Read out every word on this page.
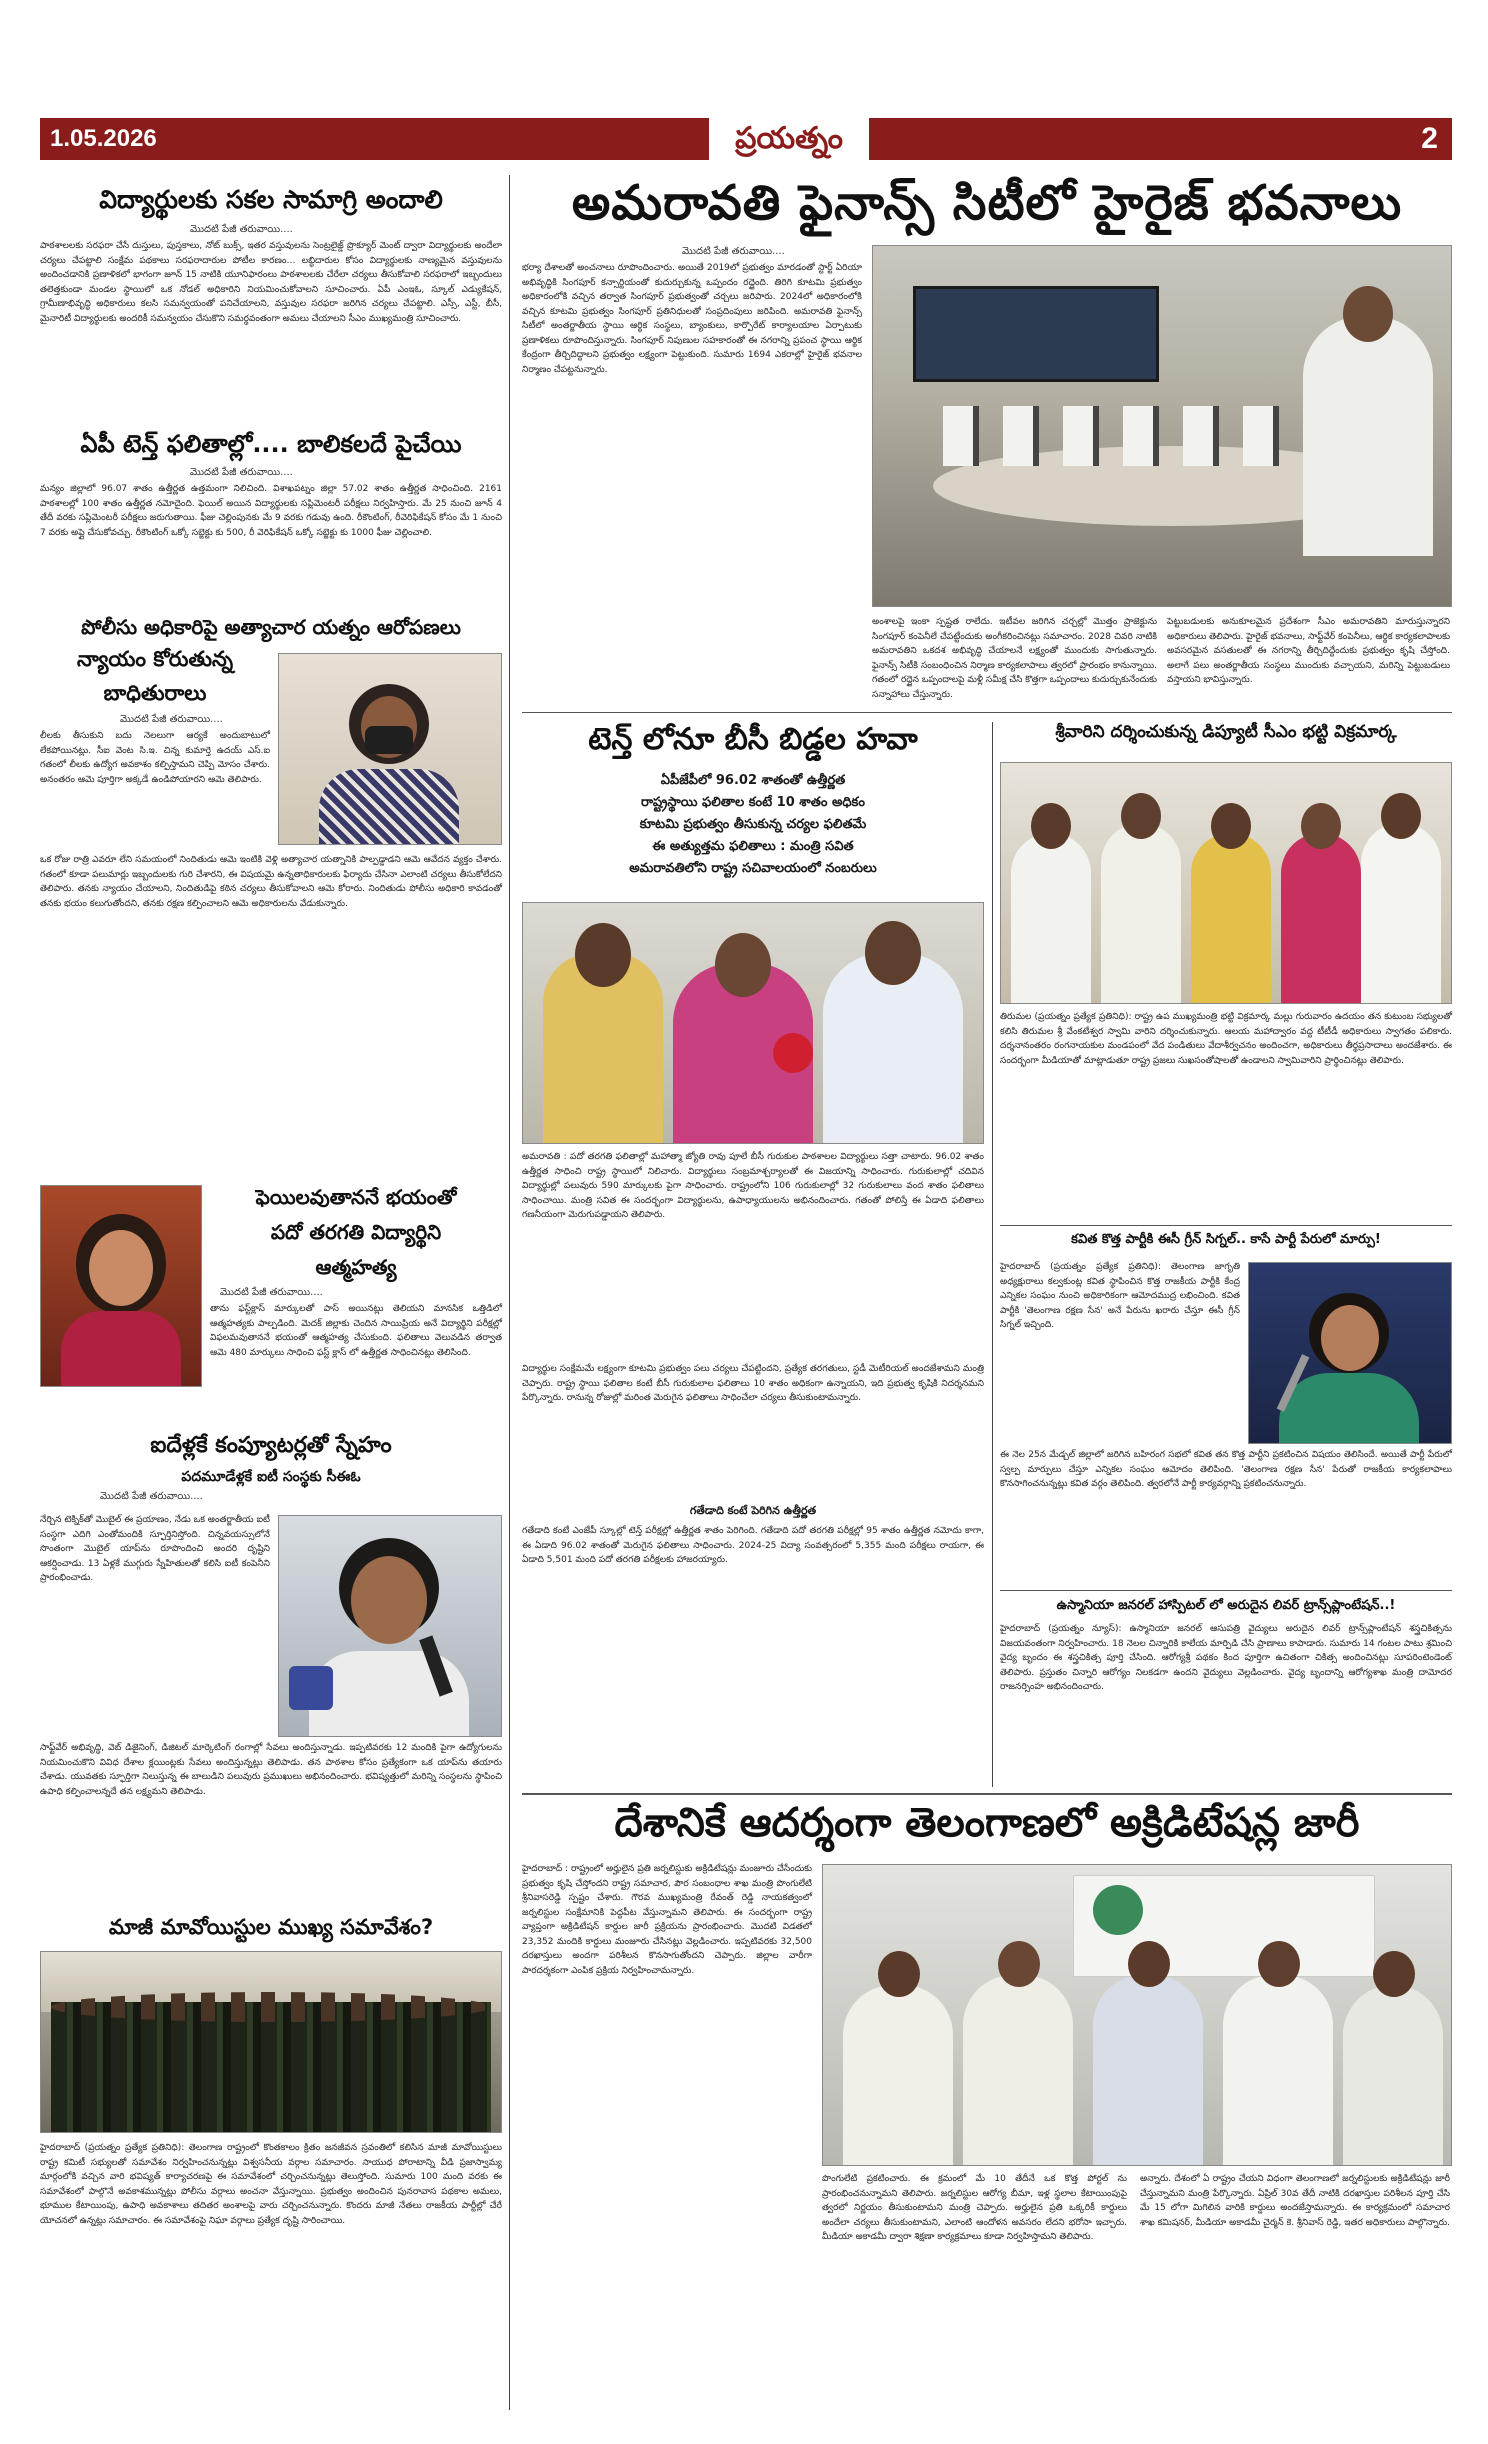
1.05.2026	ప్రయత్నం	2
విద్యార్థులకు సకల సామాగ్రి అందాలి
మొదటి పేజీ తరువాయి....

పాఠశాలలకు సరఫరా చేసే దుస్తులు, పుస్తకాలు, నోట్ బుక్స్, ఇతర వస్తువులను సెంట్రలైజ్డ్ ప్రొక్యూర్ మెంట్ ద్వారా విద్యార్థులకు అందేలా చర్యలు చేపట్టాలి సంక్షేమ పథకాలు సరఫరాదారుల పోటీల కారణం… లబ్ధిదారుల కోసం విద్యార్థులకు నాణ్యమైన వస్తువులను అందించడానికి ప్రణాళికలో భాగంగా జూన్ 15 నాటికి యూనిఫారంలు పాఠశాలలకు చేరేలా చర్యలు తీసుకోవాలి సరఫరాలో ఇబ్బందులు తలెత్తకుండా మండల స్థాయిలో ఒక నోడల్ అధికారిని నియమించుకోవాలని సూచించారు. ఏపీ ఎంఇఓ, స్కూల్ ఎడ్యుకేషన్, గ్రామీణాభివృద్ధి అధికారులు కలసి సమన్వయంతో పనిచేయాలని, వస్తువుల సరఫరా జరిగిన చర్యలు చేపట్టాలి. ఎస్సీ, ఎస్టీ, బీసీ, మైనారిటీ విద్యార్థులకు అందరికీ సమన్వయం చేసుకొని సమర్థవంతంగా అమలు చేయాలని సీఎం ముఖ్యమంత్రి సూచించారు.

ఏపీ టెన్త్ ఫలితాల్లో.... బాలికలదే పైచేయి
మొదటి పేజీ తరువాయి....

మన్యం జిల్లాలో 96.07 శాతం ఉత్తీర్ణత ఉత్తమంగా నిలిచింది. విశాఖపట్నం జిల్లా 57.02 శాతం ఉత్తీర్ణత సాధించింది. 2161 పాఠశాలల్లో 100 శాతం ఉత్తీర్ణత నమోదైంది. ఫెయిల్ అయిన విద్యార్థులకు సప్లిమెంటరీ పరీక్షలు నిర్వహిస్తారు. మే 25 నుంచి జూన్ 4 తేదీ వరకు సప్లిమెంటరీ పరీక్షలు జరుగుతాయి. ఫీజు చెల్లింపునకు మే 9 వరకు గడువు ఉంది. రీకౌంటింగ్, రీవెరిఫికేషన్ కోసం మే 1 నుంచి 7 వరకు అప్లై చేసుకోవచ్చు. రీకౌంటింగ్ ఒక్కో సబ్జెక్టు కు 500, రీ వెరిఫికేషన్ ఒక్కో సబ్జెక్టు కు 1000 ఫీజు చెల్లించాలి.

పోలీసు అధికారిపై అత్యాచార యత్నం ఆరోపణలు
న్యాయం కోరుతున్న
బాధితురాలు
మొదటి పేజీ తరువాయి....

లీలకు తీసుకుని బదు నెలలుగా ఆర్యకే అందుబాటులో లేకపోయినట్లు. సీఐ వెంట సి.ఇ. చిన్న కుమార్తె ఉదయ్ ఎస్.ఐ గతంలో లీలకు ఉద్యోగ అవకాశం కల్పిస్తామని చెప్పి మోసం చేశారు. అనంతరం ఆమె పూర్తిగా అక్కడే ఉండిపోయారని ఆమె తెలిపారు.

ఒక రోజు రాత్రి ఎవరూ లేని సమయంలో నిందితుడు ఆమె ఇంటికి వెళ్లి అత్యాచార యత్నానికి పాల్పడ్డాడని ఆమె ఆవేదన వ్యక్తం చేశారు. గతంలో కూడా పలుమార్లు ఇబ్బందులకు గురి చేశారని, ఈ విషయమై ఉన్నతాధికారులకు ఫిర్యాదు చేసినా ఎలాంటి చర్యలు తీసుకోలేదని తెలిపారు. తనకు న్యాయం చేయాలని, నిందితుడిపై కఠిన చర్యలు తీసుకోవాలని ఆమె కోరారు. నిందితుడు పోలీసు అధికారి కావడంతో తనకు భయం కలుగుతోందని, తనకు రక్షణ కల్పించాలని ఆమె అధికారులను వేడుకున్నారు.

ఫెయిలవుతాననే భయంతో
పదో తరగతి విద్యార్థిని
ఆత్మహత్య
మొదటి పేజీ తరువాయి....

తాను ఫస్ట్‌క్లాస్ మార్కులతో పాస్ అయినట్లు తెలియని మానసిక ఒత్తిడిలో ఆత్మహత్యకు పాల్పడింది. మెదక్ జిల్లాకు చెందిన సాయిప్రియ అనే విద్యార్థిని పరీక్షల్లో విఫలమవుతాననే భయంతో ఆత్మహత్య చేసుకుంది. ఫలితాలు వెలువడిన తర్వాత ఆమె 480 మార్కులు సాధించి ఫస్ట్ క్లాస్ లో ఉత్తీర్ణత సాధించినట్లు తెలిసింది.

ఐదేళ్లకే కంప్యూటర్లతో స్నేహం
పదమూడేళ్లకే ఐటీ సంస్థకు సీఈఓ
మొదటి పేజీ తరువాయి....

నేర్చిన టెక్నిక్‌తో మొబైల్ ఈ ప్రయాణం, నేడు ఒక అంతర్జాతీయ ఐటీ సంస్థగా ఎదిగి ఎంతోమందికి స్ఫూర్తినిస్తోంది. చిన్నవయస్సులోనే సొంతంగా మొబైల్ యాప్‌ను రూపొందించి అందరి దృష్టిని ఆకర్షించాడు. 13 ఏళ్లకే ముగ్గురు స్నేహితులతో కలిసి ఐటీ కంపెనీని ప్రారంభించాడు.

సాఫ్ట్‌వేర్ అభివృద్ధి, వెబ్ డిజైనింగ్, డిజిటల్ మార్కెటింగ్ రంగాల్లో సేవలు అందిస్తున్నాడు. ఇప్పటివరకు 12 మందికి పైగా ఉద్యోగులను నియమించుకొని వివిధ దేశాల క్లయింట్లకు సేవలు అందిస్తున్నట్లు తెలిపాడు. తన పాఠశాల కోసం ప్రత్యేకంగా ఒక యాప్‌ను తయారు చేశాడు. యువతకు స్ఫూర్తిగా నిలుస్తున్న ఈ బాలుడిని పలువురు ప్రముఖులు అభినందించారు. భవిష్యత్తులో మరిన్ని సంస్థలను స్థాపించి ఉపాధి కల్పించాలన్నదే తన లక్ష్యమని తెలిపాడు.

మాజీ మావోయిస్టుల ముఖ్య సమావేశం?

హైదరాబాద్ (ప్రయత్నం ప్రత్యేక ప్రతినిధి): తెలంగాణ రాష్ట్రంలో కొంతకాలం క్రితం జనజీవన స్రవంతిలో కలిసిన మాజీ మావోయిస్టులు రాష్ట్ర కమిటీ సభ్యులతో సమావేశం నిర్వహించనున్నట్లు విశ్వసనీయ వర్గాల సమాచారం. సాయుధ పోరాటాన్ని వీడి ప్రజాస్వామ్య మార్గంలోకి వచ్చిన వారి భవిష్యత్ కార్యాచరణపై ఈ సమావేశంలో చర్చించనున్నట్లు తెలుస్తోంది. సుమారు 100 మంది వరకు ఈ సమావేశంలో పాల్గొనే అవకాశమున్నట్లు పోలీసు వర్గాలు అంచనా వేస్తున్నాయి. ప్రభుత్వం అందించిన పునరావాస పథకాల అమలు, భూముల కేటాయింపు, ఉపాధి అవకాశాలు తదితర అంశాలపై వారు చర్చించనున్నారు. కొందరు మాజీ నేతలు రాజకీయ పార్టీల్లో చేరే యోచనలో ఉన్నట్లు సమాచారం. ఈ సమావేశంపై నిఘా వర్గాలు ప్రత్యేక దృష్టి సారించాయి.

అమరావతి ఫైనాన్స్ సిటీలో హైరైజ్ భవనాలు
మొదటి పేజీ తరువాయి....

భర్యా దేశాలతో అంచనాలు రూపొందించారు. అయితే 2019లో ప్రభుత్వం మారడంతో స్టార్ట్ ఏరియా అభివృద్ధికి సింగపూర్ కన్సార్టియంతో కుదుర్చుకున్న ఒప్పందం రద్దైంది. తిరిగి కూటమి ప్రభుత్వం అధికారంలోకి వచ్చిన తర్వాత సింగపూర్ ప్రభుత్వంతో చర్చలు జరిపారు. 2024లో అధికారంలోకి వచ్చిన కూటమి ప్రభుత్వం సింగపూర్ ప్రతినిధులతో సంప్రదింపులు జరిపింది. అమరావతి ఫైనాన్స్ సిటీలో అంతర్జాతీయ స్థాయి ఆర్థిక సంస్థలు, బ్యాంకులు, కార్పొరేట్ కార్యాలయాల ఏర్పాటుకు ప్రణాళికలు రూపొందిస్తున్నారు. సింగపూర్ నిపుణుల సహకారంతో ఈ నగరాన్ని ప్రపంచ స్థాయి ఆర్థిక కేంద్రంగా తీర్చిదిద్దాలని ప్రభుత్వం లక్ష్యంగా పెట్టుకుంది. సుమారు 1694 ఎకరాల్లో హైరైజ్ భవనాల నిర్మాణం చేపట్టనున్నారు.

అంశాలపై ఇంకా స్పష్టత రాలేదు. ఇటీవల జరిగిన చర్చల్లో మొత్తం ప్రాజెక్టును సింగపూర్ కంపెనీలే చేపట్టేందుకు అంగీకరించినట్లు సమాచారం. 2028 చివరి నాటికి అమరావతిని ఒకదశ అభివృద్ధి చేయాలనే లక్ష్యంతో ముందుకు సాగుతున్నారు. ఫైనాన్స్ సిటీకి సంబంధించిన నిర్మాణ కార్యకలాపాలు త్వరలో ప్రారంభం కానున్నాయి. గతంలో రద్దైన ఒప్పందాలపై మళ్లీ సమీక్ష చేసి కొత్తగా ఒప్పందాలు కుదుర్చుకునేందుకు సన్నాహాలు చేస్తున్నారు.

పెట్టుబడులకు అనుకూలమైన ప్రదేశంగా సీఎం అమరావతిని మారుస్తున్నారని అధికారులు తెలిపారు. హైరైజ్ భవనాలు, సాఫ్ట్‌వేర్ కంపెనీలు, ఆర్థిక కార్యకలాపాలకు అవసరమైన వసతులతో ఈ నగరాన్ని తీర్చిదిద్దేందుకు ప్రభుత్వం కృషి చేస్తోంది. అలాగే పలు అంతర్జాతీయ సంస్థలు ముందుకు వచ్చాయని, మరిన్ని పెట్టుబడులు వస్తాయని భావిస్తున్నారు.

టెన్త్ లోనూ బీసీ బిడ్డల హవా
ఏపీజేపీలో 96.02 శాతంతో ఉత్తీర్ణత
రాష్ట్రస్థాయి ఫలితాల కంటే 10 శాతం అధికం
కూటమి ప్రభుత్వం తీసుకున్న చర్యల ఫలితమే
ఈ అత్యుత్తమ ఫలితాలు : మంత్రి సవిత
అమరావతిలోని రాష్ట్ర సచివాలయంలో నంబరులు

అమరావతి : పదో తరగతి ఫలితాల్లో మహాత్మా జ్యోతి రావు పూలే బీసీ గురుకుల పాఠశాలల విద్యార్థులు సత్తా చాటారు. 96.02 శాతం ఉత్తీర్ణత సాధించి రాష్ట్ర స్థాయిలో నిలిచారు. విద్యార్థులు సంబ్రమాశ్చర్యాలతో ఈ విజయాన్ని సాధించారు. గురుకులాల్లో చదివిన విద్యార్థుల్లో పలువురు 590 మార్కులకు పైగా సాధించారు. రాష్ట్రంలోని 106 గురుకులాల్లో 32 గురుకులాలు వంద శాతం ఫలితాలు సాధించాయి. మంత్రి సవిత ఈ సందర్భంగా విద్యార్థులను, ఉపాధ్యాయులను అభినందించారు. గతంతో పోలిస్తే ఈ ఏడాది ఫలితాలు గణనీయంగా మెరుగుపడ్డాయని తెలిపారు.

విద్యార్థుల సంక్షేమమే లక్ష్యంగా కూటమి ప్రభుత్వం పలు చర్యలు చేపట్టిందని, ప్రత్యేక తరగతులు, స్టడీ మెటీరియల్ అందజేశామని మంత్రి చెప్పారు. రాష్ట్ర స్థాయి ఫలితాల కంటే బీసీ గురుకులాల ఫలితాలు 10 శాతం అధికంగా ఉన్నాయని, ఇది ప్రభుత్వ కృషికి నిదర్శనమని పేర్కొన్నారు. రానున్న రోజుల్లో మరింత మెరుగైన ఫలితాలు సాధించేలా చర్యలు తీసుకుంటామన్నారు.

గతేడాది కంటే పెరిగిన ఉత్తీర్ణత

గతేడాది కంటే ఎంజేపీ స్కూల్లో టెన్త్ పరీక్షల్లో ఉత్తీర్ణత శాతం పెరిగింది. గతేడాది పదో తరగతి పరీక్షల్లో 95 శాతం ఉత్తీర్ణత నమోదు కాగా, ఈ ఏడాది 96.02 శాతంతో మెరుగైన ఫలితాలు సాధించారు. 2024-25 విద్యా సంవత్సరంలో 5,355 మంది పరీక్షలు రాయగా, ఈ ఏడాది 5,501 మంది పదో తరగతి పరీక్షలకు హాజరయ్యారు.

శ్రీవారిని దర్శించుకున్న డిప్యూటీ సీఎం భట్టి విక్రమార్క

తిరుమల (ప్రయత్నం ప్రత్యేక ప్రతినిధి): రాష్ట్ర ఉప ముఖ్యమంత్రి భట్టి విక్రమార్క మల్లు గురువారం ఉదయం తన కుటుంబ సభ్యులతో కలిసి తిరుమల శ్రీ వేంకటేశ్వర స్వామి వారిని దర్శించుకున్నారు. ఆలయ మహాద్వారం వద్ద టీటీడీ అధికారులు స్వాగతం పలికారు. దర్శనానంతరం రంగనాయకుల మండపంలో వేద పండితులు వేదాశీర్వచనం అందించగా, అధికారులు తీర్థప్రసాదాలు అందజేశారు. ఈ సందర్భంగా మీడియాతో మాట్లాడుతూ రాష్ట్ర ప్రజలు సుఖసంతోషాలతో ఉండాలని స్వామివారిని ప్రార్థించినట్లు తెలిపారు.

కవిత కొత్త పార్టీకి ఈసీ గ్రీన్ సిగ్నల్.. కాసే పార్టీ పేరులో మార్పు!

హైదరాబాద్ (ప్రయత్నం ప్రత్యేక ప్రతినిధి): తెలంగాణ జాగృతి అధ్యక్షురాలు కల్వకుంట్ల కవిత స్థాపించిన కొత్త రాజకీయ పార్టీకి కేంద్ర ఎన్నికల సంఘం నుంచి అధికారికంగా ఆమోదముద్ర లభించింది. కవిత పార్టీకి 'తెలంగాణ రక్షణ సేన' అనే పేరును ఖరారు చేస్తూ ఈసీ గ్రీన్ సిగ్నల్ ఇచ్చింది.

ఈ నెల 25న మేడ్చల్ జిల్లాలో జరిగిన బహిరంగ సభలో కవిత తన కొత్త పార్టీని ప్రకటించిన విషయం తెలిసిందే. అయితే పార్టీ పేరులో స్వల్ప మార్పులు చేస్తూ ఎన్నికల సంఘం ఆమోదం తెలిపింది. 'తెలంగాణ రక్షణ సేన' పేరుతో రాజకీయ కార్యకలాపాలు కొనసాగించనున్నట్లు కవిత వర్గం తెలిపింది. త్వరలోనే పార్టీ కార్యవర్గాన్ని ప్రకటించనున్నారు.

ఉస్మానియా జనరల్ హాస్పిటల్ లో అరుదైన లివర్ ట్రాన్స్‌ప్లాంటేషన్..!

హైదరాబాద్ (ప్రయత్నం న్యూస్): ఉస్మానియా జనరల్ ఆసుపత్రి వైద్యులు అరుదైన లివర్ ట్రాన్స్‌ప్లాంటేషన్ శస్త్రచికిత్సను విజయవంతంగా నిర్వహించారు. 18 నెలల చిన్నారికి కాలేయ మార్పిడి చేసి ప్రాణాలు కాపాడారు. సుమారు 14 గంటల పాటు శ్రమించి వైద్య బృందం ఈ శస్త్రచికిత్స పూర్తి చేసింది. ఆరోగ్యశ్రీ పథకం కింద పూర్తిగా ఉచితంగా చికిత్స అందించినట్లు సూపరింటెండెంట్ తెలిపారు. ప్రస్తుతం చిన్నారి ఆరోగ్యం నిలకడగా ఉందని వైద్యులు వెల్లడించారు. వైద్య బృందాన్ని ఆరోగ్యశాఖ మంత్రి దామోదర రాజనర్సింహ అభినందించారు.

దేశానికే ఆదర్శంగా తెలంగాణలో అక్రిడిటేషన్ల జారీ

హైదరాబాద్ : రాష్ట్రంలో అర్హులైన ప్రతి జర్నలిస్టుకు అక్రిడిటేషన్లు మంజూరు చేసేందుకు ప్రభుత్వం కృషి చేస్తోందని రాష్ట్ర సమాచార, పౌర సంబంధాల శాఖ మంత్రి పొంగులేటి శ్రీనివాసరెడ్డి స్పష్టం చేశారు. గౌరవ ముఖ్యమంత్రి రేవంత్ రెడ్డి నాయకత్వంలో జర్నలిస్టుల సంక్షేమానికి పెద్దపీట వేస్తున్నామని తెలిపారు. ఈ సందర్భంగా రాష్ట్ర వ్యాప్తంగా అక్రిడిటేషన్ కార్డుల జారీ ప్రక్రియను ప్రారంభించారు. మొదటి విడతలో 23,352 మందికి కార్డులు మంజూరు చేసినట్లు వెల్లడించారు. ఇప్పటివరకు 32,500 దరఖాస్తులు అందగా పరిశీలన కొనసాగుతోందని చెప్పారు. జిల్లాల వారీగా పారదర్శకంగా ఎంపిక ప్రక్రియ నిర్వహించామన్నారు.

పొంగులేటి ప్రకటించారు. ఈ క్రమంలో మే 10 తేదీనే ఒక కొత్త పోర్టల్ ను ప్రారంభించనున్నామని తెలిపారు. జర్నలిస్టుల ఆరోగ్య బీమా, ఇళ్ల స్థలాల కేటాయింపుపై త్వరలో నిర్ణయం తీసుకుంటామని మంత్రి చెప్పారు. అర్హులైన ప్రతి ఒక్కరికీ కార్డులు అందేలా చర్యలు తీసుకుంటామని, ఎలాంటి ఆందోళన అవసరం లేదని భరోసా ఇచ్చారు. మీడియా అకాడమీ ద్వారా శిక్షణా కార్యక్రమాలు కూడా నిర్వహిస్తామని తెలిపారు.

అన్నారు. దేశంలో ఏ రాష్ట్రం చేయని విధంగా తెలంగాణలో జర్నలిస్టులకు అక్రిడిటేషన్లు జారీ చేస్తున్నామని మంత్రి పేర్కొన్నారు. ఏప్రిల్ 30వ తేదీ నాటికి దరఖాస్తుల పరిశీలన పూర్తి చేసి మే 15 లోగా మిగిలిన వారికి కార్డులు అందజేస్తామన్నారు. ఈ కార్యక్రమంలో సమాచార శాఖ కమిషనర్, మీడియా అకాడమీ చైర్మన్ కె. శ్రీనివాస్ రెడ్డి, ఇతర అధికారులు పాల్గొన్నారు.
